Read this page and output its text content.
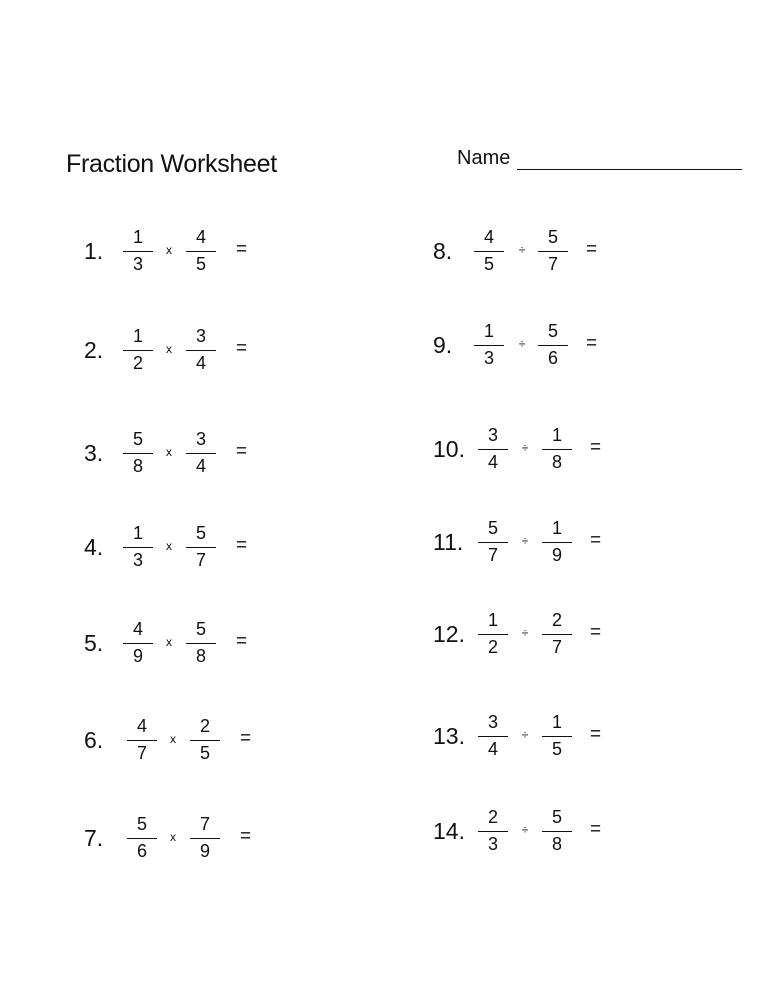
Fraction Worksheet	Name
1.
1
3
x
4
5
=
2.
1
2
x
3
4
=
3.
5
8
x
3
4
=
4.
1
3
x
5
7
=
5.
4
9
x
5
8
=
6.
4
7
x
2
5
=
7.
5
6
x
7
9
=
8.
4
5
÷
5
7
=
9.
1
3
÷
5
6
=
10.
3
4
÷
1
8
=
11.
5
7
÷
1
9
=
12.
1
2
÷
2
7
=
13.
3
4
÷
1
5
=
14.
2
3
÷
5
8
=
